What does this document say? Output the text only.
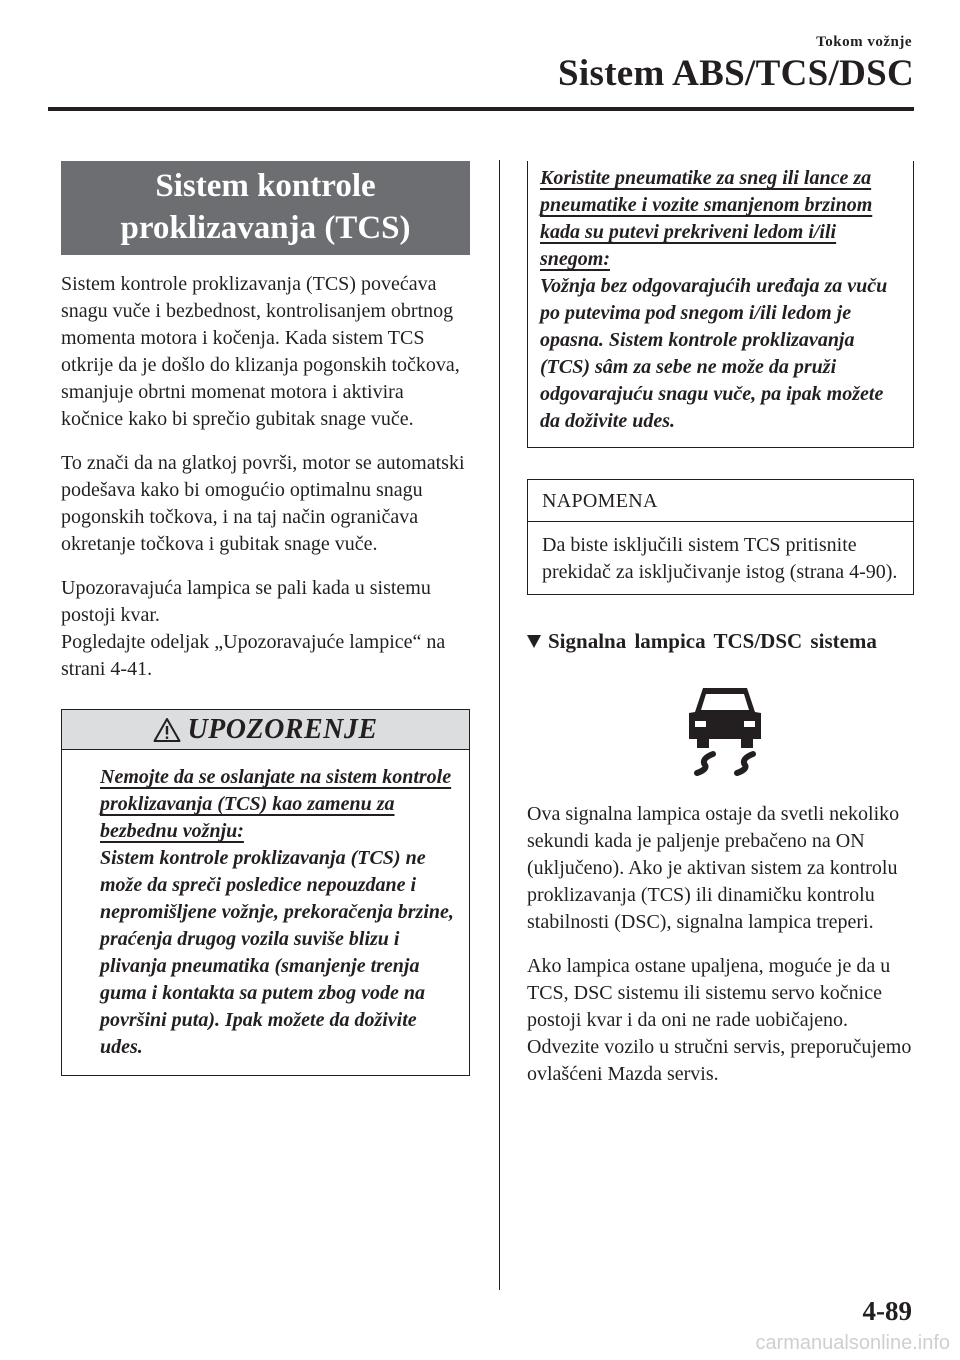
Tokom vožnje
Sistem ABS/TCS/DSC
Sistem kontrole
proklizavanja (TCS)

Sistem kontrole proklizavanja (TCS) povećava snagu vuče i bezbednost, kontrolisanjem obrtnog momenta motora i kočenja. Kada sistem TCS otkrije da je došlo do klizanja pogonskih točkova, smanjuje obrtni momenat motora i aktivira kočnice kako bi sprečio gubitak snage vuče.

To znači da na glatkoj površi, motor se automatski podešava kako bi omogućio optimalnu snagu pogonskih točkova, i na taj način ograničava okretanje točkova i gubitak snage vuče.

Upozoravajuća lampica se pali kada u sistemu postoji kvar.
Pogledajte odeljak „Upozoravajuće lampice“ na strani 4-41.

UPOZORENJE
Nemojte da se oslanjate na sistem kontrole proklizavanja (TCS) kao zamenu za bezbednu vožnju:
Sistem kontrole proklizavanja (TCS) ne može da spreči posledice nepouzdane i nepromišljene vožnje, prekoračenja brzine, praćenja drugog vozila suviše blizu i plivanja pneumatika (smanjenje trenja guma i kontakta sa putem zbog vode na površini puta). Ipak možete da doživite udes.
Koristite pneumatike za sneg ili lance za pneumatike i vozite smanjenom brzinom kada su putevi prekriveni ledom i/ili snegom:
Vožnja bez odgovarajućih uređaja za vuču po putevima pod snegom i/ili ledom je opasna. Sistem kontrole proklizavanja (TCS) sâm za sebe ne može da pruži odgovarajuću snagu vuče, pa ipak možete da doživite udes.
NAPOMENA
Da biste isključili sistem TCS pritisnite prekidač za isključivanje istog (strana 4-90).
Signalna lampica TCS/DSC sistema

Ova signalna lampica ostaje da svetli nekoliko sekundi kada je paljenje prebačeno na ON (uključeno). Ako je aktivan sistem za kontrolu proklizavanja (TCS) ili dinamičku kontrolu stabilnosti (DSC), signalna lampica treperi.

Ako lampica ostane upaljena, moguće je da u TCS, DSC sistemu ili sistemu servo kočnice postoji kvar i da oni ne rade uobičajeno. Odvezite vozilo u stručni servis, preporučujemo ovlašćeni Mazda servis.

4-89
carmanualsonline.info
